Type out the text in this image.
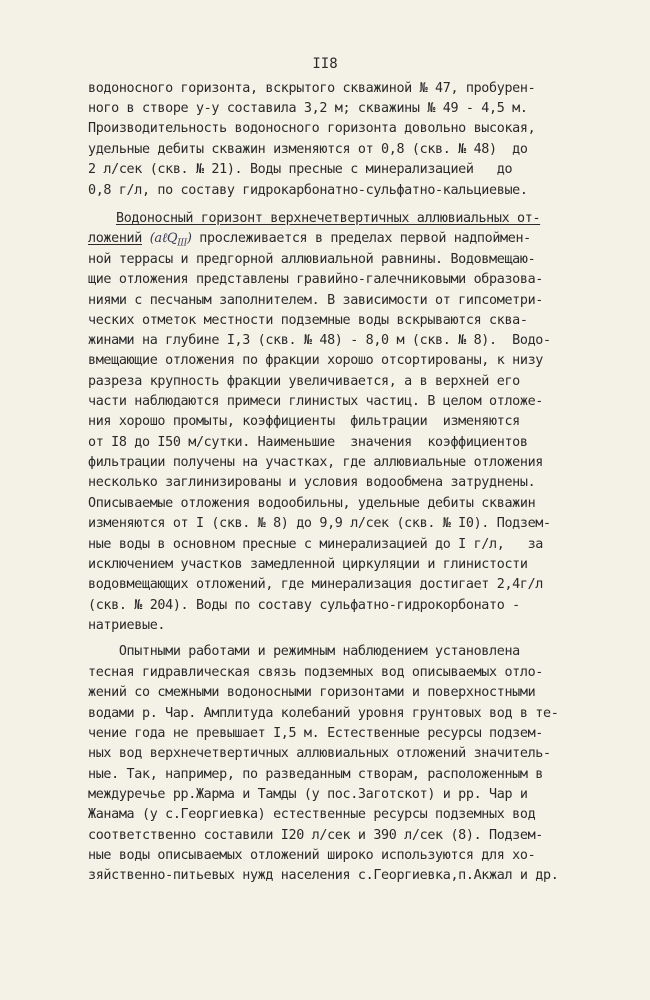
II8
водоносного горизонта, вскрытого скважиной № 47, пробурен-
ного в створе у-у составила 3,2 м; скважины № 49 - 4,5 м.
Производительность водоносного горизонта довольно высокая,
удельные дебиты скважин изменяются от 0,8 (скв. № 48)  до
2 л/сек (скв. № 21). Воды пресные с минерализацией   до
0,8 г/л, по составу гидрокарбонатно-сульфатно-кальциевые.
Водоносный горизонт верхнечетвертичных аллювиальных от-
ложений (aℓQ$_{III}$) прослеживается в пределах первой надпоймен-
ной террасы и предгорной аллювиальной равнины. Водовмещаю-
щие отложения представлены гравийно-галечниковыми образова-
ниями с песчаным заполнителем. В зависимости от гипсометри-
ческих отметок местности подземные воды вскрываются сква-
жинами на глубине I,3 (скв. № 48) - 8,0 м (скв. № 8).  Водо-
вмещающие отложения по фракции хорошо отсортированы, к низу
разреза крупность фракции увеличивается, а в верхней его
части наблюдаются примеси глинистых частиц. В целом отложе-
ния хорошо промыты, коэффициенты  фильтрации  изменяются
от I8 до I50 м/сутки. Наименьшие  значения  коэффициентов
фильтрации получены на участках, где аллювиальные отложения
несколько заглинизированы и условия водообмена затруднены.
Описываемые отложения водообильны, удельные дебиты скважин
изменяются от I (скв. № 8) до 9,9 л/сек (скв. № I0). Подзем-
ные воды в основном пресные с минерализацией до I г/л,   за
исключением участков замедленной циркуляции и глинистости
водовмещающих отложений, где минерализация достигает 2,4г/л
(скв. № 204). Воды по составу сульфатно-гидрокорбонато -
натриевые.
Опытными работами и режимным наблюдением установлена
тесная гидравлическая связь подземных вод описываемых отло-
жений со смежными водоносными горизонтами и поверхностными
водами р. Чар. Амплитуда колебаний уровня грунтовых вод в те-
чение года не превышает I,5 м. Естественные ресурсы подзем-
ных вод верхнечетвертичных аллювиальных отложений значитель-
ные. Так, например, по разведанным створам, расположенным в
междуречье рр.Жарма и Тамды (у пос.Заготскот) и рр. Чар и
Жанама (у с.Георгиевка) естественные ресурсы подземных вод
соответственно составили I20 л/сек и 390 л/сек (8). Подзем-
ные воды описываемых отложений широко используются для хо-
зяйственно-питьевых нужд населения с.Георгиевка,п.Акжал и др.
